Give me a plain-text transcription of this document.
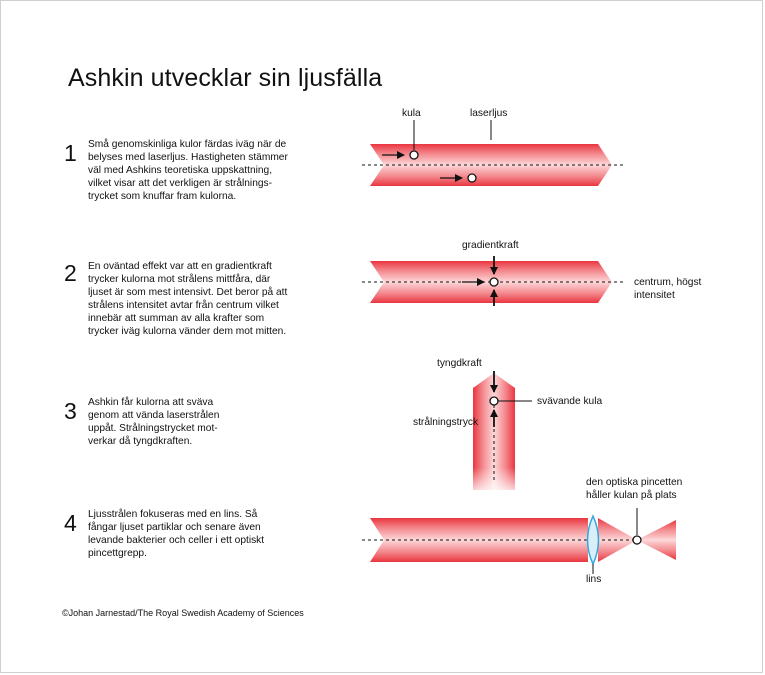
Ashkin utvecklar sin ljusfälla
1 Små genomskinliga kulor färdas iväg när de
belyses med laserljus. Hastigheten stämmer
väl med Ashkins teoretiska uppskattning,
vilket visar att det verkligen är strålnings-
trycket som knuffar fram kulorna.
2 En oväntad effekt var att en gradientkraft
trycker kulorna mot strålens mittfåra, där
ljuset är som mest intensivt. Det beror på att
strålens intensitet avtar från centrum vilket
innebär att summan av alla krafter som
trycker iväg kulorna vänder dem mot mitten.
3 Ashkin får kulorna att sväva
genom att vända laserstrålen
uppåt. Strålningstrycket mot-
verkar då tyngdkraften.
4 Ljusstrålen fokuseras med en lins. Så
fångar ljuset partiklar och senare även
levande bakterier och celler i ett optiskt
pincettgrepp.
kula	laserljus
gradientkraft
centrum, högst
intensitet
tyngdkraft
svävande kula
strålningstryck
den optiska pincetten
håller kulan på plats
lins
©Johan Jarnestad/The Royal Swedish Academy of Sciences
